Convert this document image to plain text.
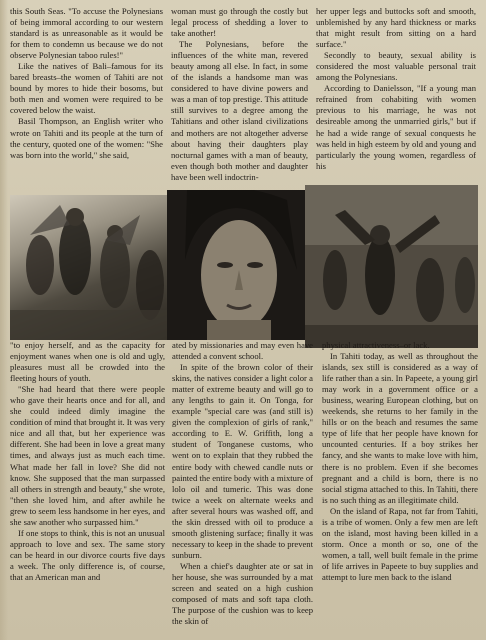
this South Seas. "To accuse the Polynesians of being immoral according to our western standard is as unreasonable as it would be for them to condemn us because we do not observe Polynesian taboo rules!"

Like the natives of Bali–famous for its bared breasts–the women of Tahiti are not bound by mores to hide their bosoms, but both men and women were required to be covered below the waist.

Basil Thompson, an English writer who wrote on Tahiti and its people at the turn of the century, quoted one of the women: "She was born into the world," she said,

woman must go through the costly but legal process of shedding a lover to take another!

The Polynesians, before the influences of the white man, revered beauty among all else. In fact, in some of the islands a handsome man was considered to have divine powers and was a man of top prestige. This attitude still survives to a degree among the Tahitians and other island civilizations and mothers are not altogether adverse about having their daughters play nocturnal games with a man of beauty, even though both mother and daughter have been well indoctrin-

her upper legs and buttocks soft and smooth, unblemished by any hard thickness or marks that might result from sitting on a hard surface."

Secondly to beauty, sexual ability is considered the most valuable personal trait among the Polynesians.

According to Danielsson, "If a young man refrained from cohabiting with women previous to his marriage, he was not desireable among the unmarried girls," but if he had a wide range of sexual conquests he was held in high esteem by old and young and particularly the young women, regardless of his

"to enjoy herself, and as the capacity for enjoyment wanes when one is old and ugly, pleasures must all be crowded into the fleeting hours of youth.

"She had heard that there were people who gave their hearts once and for all, and she could indeed dimly imagine the condition of mind that brought it. It was very nice and all that, but her experience was different. She had been in love a great many times, and always just as much each time. What made her fall in love? She did not know. She supposed that the man surpassed all others in strength and beauty," she wrote, "then she loved him, and after awhile he grew to seem less handsome in her eyes, and she saw another who surpassed him."

If one stops to think, this is not an unusual approach to love and sex. The same story can be heard in our divorce courts five days a week. The only difference is, of course, that an American man and

ated by missionaries and may even have attended a convent school.

In spite of the brown color of their skins, the natives consider a light color a matter of extreme beauty and will go to any lengths to gain it. On Tonga, for example "special care was (and still is) given the complexion of girls of rank," according to E. W. Griffith, long a student of Tonganese customs, who went on to explain that they rubbed the entire body with chewed candle nuts or painted the entire body with a mixture of lolo oil and tumeric. This was done twice a week on alternate weeks and after several hours was washed off, and the skin dressed with oil to produce a smooth glistening surface; finally it was necessary to keep in the shade to prevent sunburn.

When a chief's daughter ate or sat in her house, she was surrounded by a mat screen and seated on a high cushion composed of mats and soft tapa cloth. The purpose of the cushion was to keep the skin of

physical attractiveness–or lack.

In Tahiti today, as well as throughout the islands, sex still is considered as a way of life rather than a sin. In Papeete, a young girl may work in a government office or a business, wearing European clothing, but on weekends, she returns to her family in the hills or on the beach and resumes the same type of life that her people have known for uncounted centuries. If a boy strikes her fancy, and she wants to make love with him, there is no problem. Even if she becomes pregnant and a child is born, there is no social stigma attached to this. In Tahiti, there is no such thing as an illegitimate child.

On the island of Rapa, not far from Tahiti, is a tribe of women. Only a few men are left on the island, most having been killed in a storm. Once a month or so, one of the women, a tall, well built female in the prime of life arrives in Papeete to buy supplies and attempt to lure men back to the island
